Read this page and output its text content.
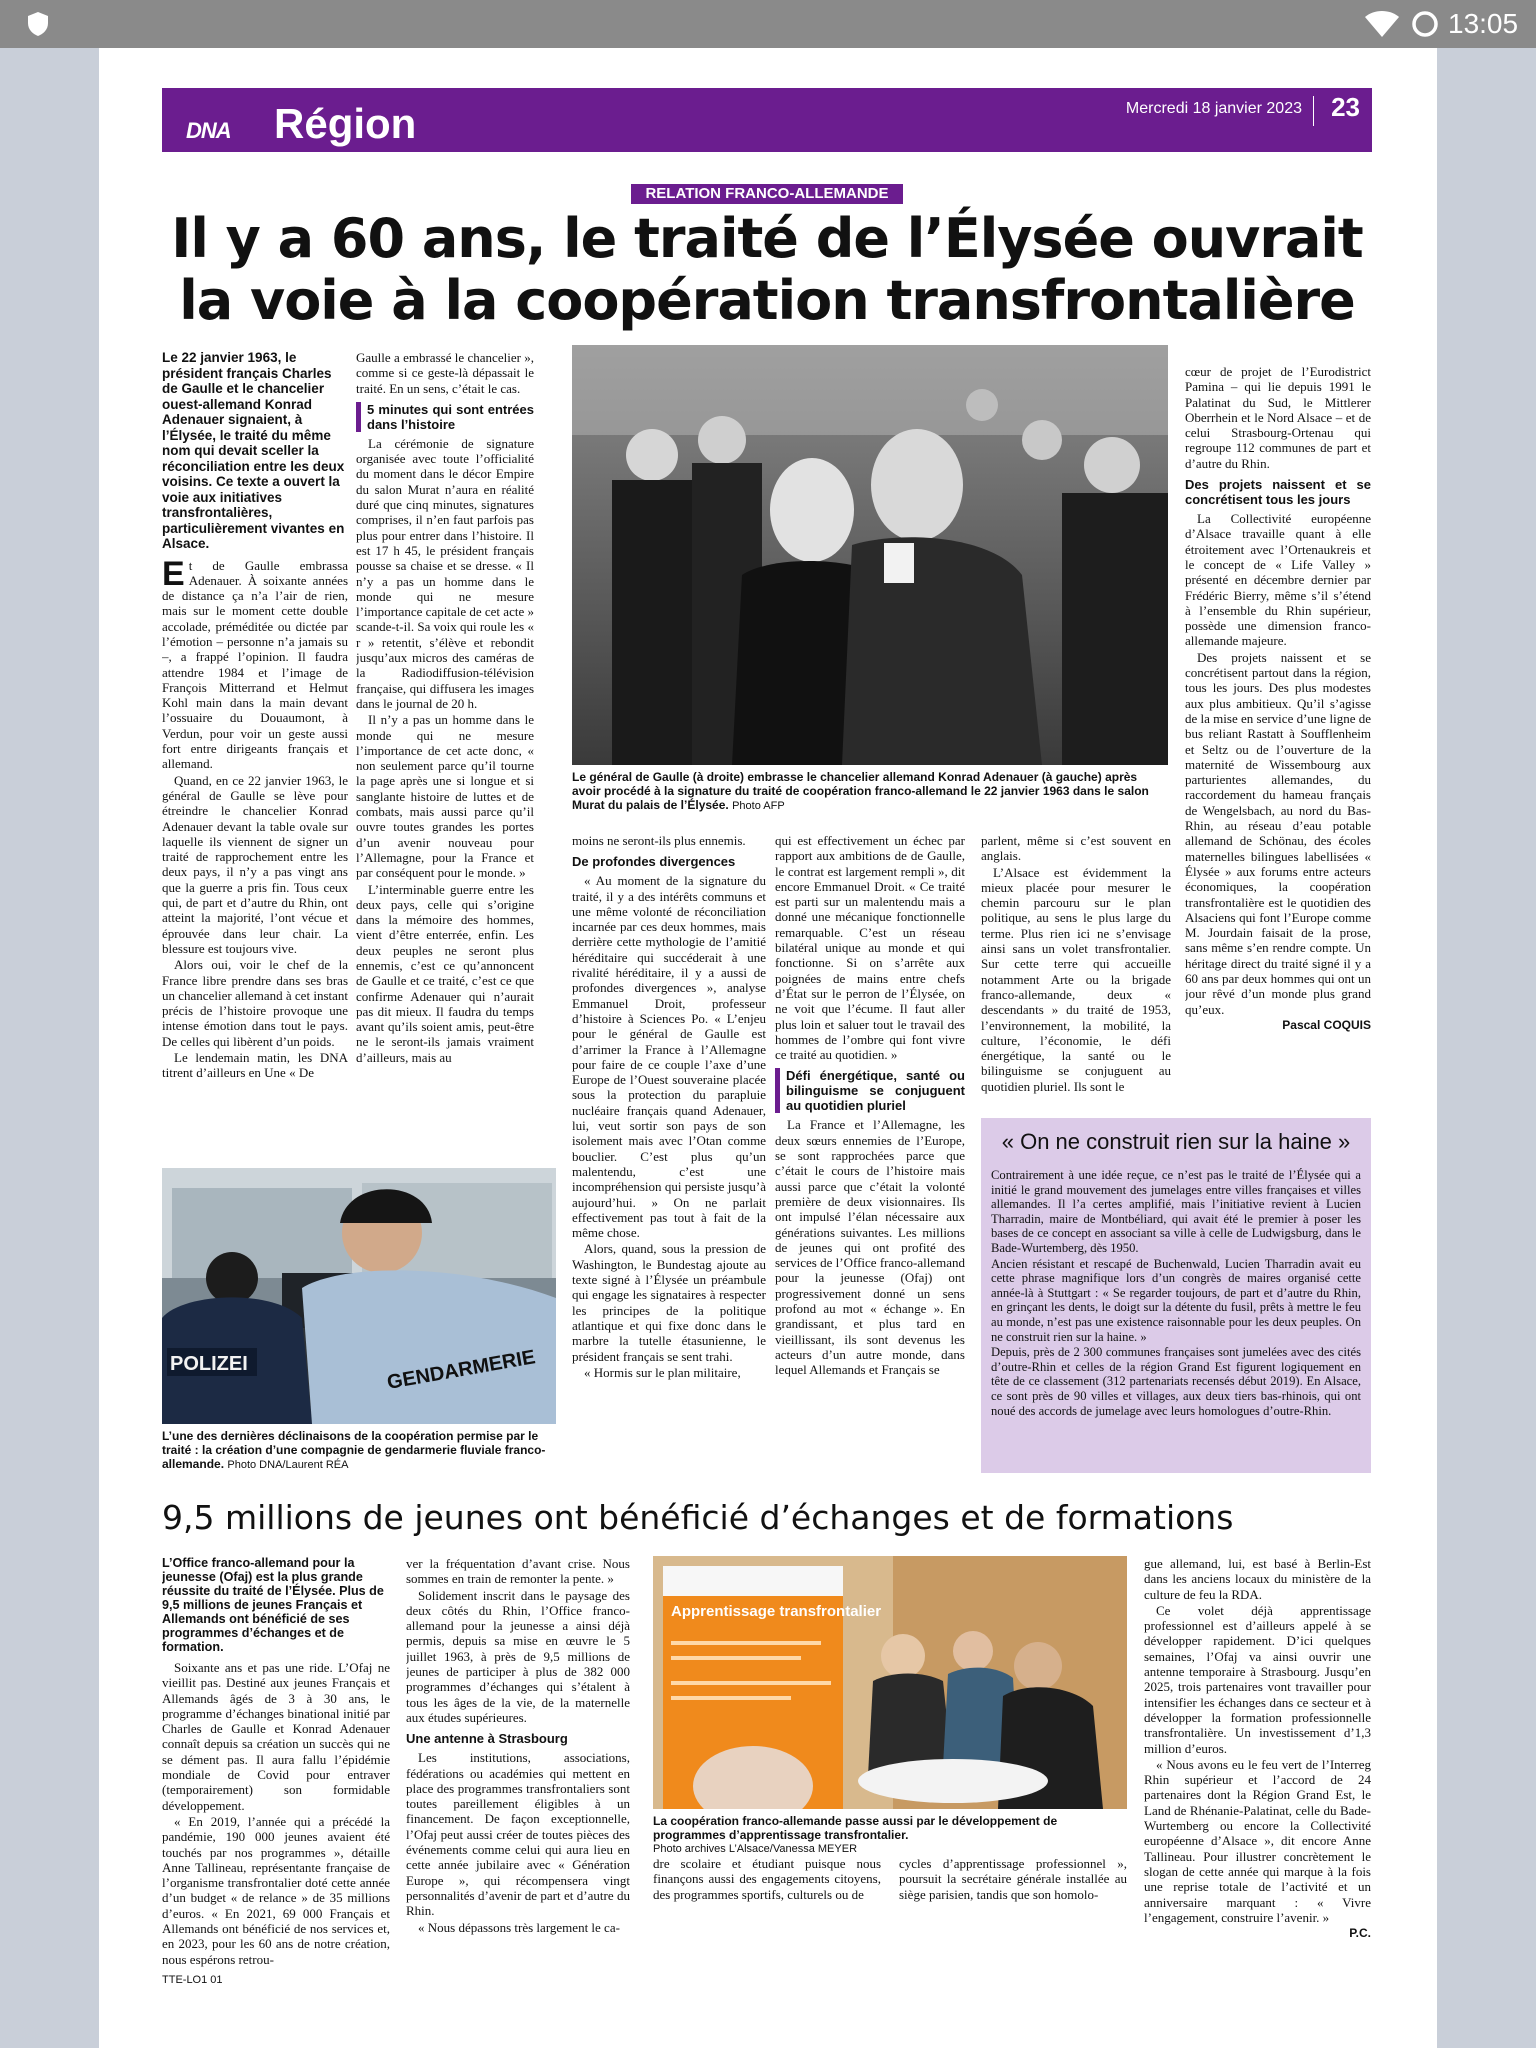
13:05
DNA Région	Mercredi 18 janvier 2023 23
RELATION FRANCO-ALLEMANDE
Il y a 60 ans, le traité de l’Élysée ouvrait
la voie à la coopération transfrontalière

Le 22 janvier 1963, le président français Charles de Gaulle et le chancelier ouest-allemand Konrad Adenauer signaient, à l’Élysée, le traité du même nom qui devait sceller la réconciliation entre les deux voisins. Ce texte a ouvert la voie aux initiatives transfrontalières, particulièrement vivantes en Alsace.

Et de Gaulle embrassa Adenauer. À soixante années de distance ça n’a l’air de rien, mais sur le moment cette double accolade, préméditée ou dictée par l’émotion – personne n’a jamais su –, a frappé l’opinion. Il faudra attendre 1984 et l’image de François Mitterrand et Helmut Kohl main dans la main devant l’ossuaire du Douaumont, à Verdun, pour voir un geste aussi fort entre dirigeants français et allemand.

Quand, en ce 22 janvier 1963, le général de Gaulle se lève pour étreindre le chancelier Konrad Adenauer devant la table ovale sur laquelle ils viennent de signer un traité de rapprochement entre les deux pays, il n’y a pas vingt ans que la guerre a pris fin. Tous ceux qui, de part et d’autre du Rhin, ont atteint la majorité, l’ont vécue et éprouvée dans leur chair. La blessure est toujours vive.

Alors oui, voir le chef de la France libre prendre dans ses bras un chancelier allemand à cet instant précis de l’histoire provoque une intense émotion dans tout le pays. De celles qui libèrent d’un poids.

Le lendemain matin, les DNA titrent d’ailleurs en Une « De

Gaulle a embrassé le chancelier », comme si ce geste-là dépassait le traité. En un sens, c’était le cas.

5 minutes qui sont entrées dans l’histoire

La cérémonie de signature organisée avec toute l’officialité du moment dans le décor Empire du salon Murat n’aura en réalité duré que cinq minutes, signatures comprises, il n’en faut parfois pas plus pour entrer dans l’histoire. Il est 17 h 45, le président français pousse sa chaise et se dresse. « Il n’y a pas un homme dans le monde qui ne mesure l’importance capitale de cet acte » scande-t-il. Sa voix qui roule les « r » retentit, s’élève et rebondit jusqu’aux micros des caméras de la Radiodiffusion-télévision française, qui diffusera les images dans le journal de 20 h.

Il n’y a pas un homme dans le monde qui ne mesure l’importance de cet acte donc, « non seulement parce qu’il tourne la page après une si longue et si sanglante histoire de luttes et de combats, mais aussi parce qu’il ouvre toutes grandes les portes d’un avenir nouveau pour l’Allemagne, pour la France et par conséquent pour le monde. »

L’interminable guerre entre les deux pays, celle qui s’origine dans la mémoire des hommes, vient d’être enterrée, enfin. Les deux peuples ne seront plus ennemis, c’est ce qu’annoncent de Gaulle et ce traité, c’est ce que confirme Adenauer qui n’aurait pas dit mieux. Il faudra du temps avant qu’ils soient amis, peut-être ne le seront-ils jamais vraiment d’ailleurs, mais au

Le général de Gaulle (à droite) embrasse le chancelier allemand Konrad Adenauer (à gauche) après avoir procédé à la signature du traité de coopération franco-allemand le 22 janvier 1963 dans le salon Murat du palais de l’Élysée. Photo AFP

moins ne seront-ils plus ennemis.

De profondes divergences

« Au moment de la signature du traité, il y a des intérêts communs et une même volonté de réconciliation incarnée par ces deux hommes, mais derrière cette mythologie de l’amitié héréditaire qui succéderait à une rivalité héréditaire, il y a aussi de profondes divergences », analyse Emmanuel Droit, professeur d’histoire à Sciences Po. « L’enjeu pour le général de Gaulle est d’arrimer la France à l’Allemagne pour faire de ce couple l’axe d’une Europe de l’Ouest souveraine placée sous la protection du parapluie nucléaire français quand Adenauer, lui, veut sortir son pays de son isolement mais avec l’Otan comme bouclier. C’est plus qu’un malentendu, c’est une incompréhension qui persiste jusqu’à aujourd’hui. » On ne parlait effectivement pas tout à fait de la même chose.

Alors, quand, sous la pression de Washington, le Bundestag ajoute au texte signé à l’Élysée un préambule qui engage les signataires à respecter les principes de la politique atlantique et qui fixe donc dans le marbre la tutelle étasunienne, le président français se sent trahi.

« Hormis sur le plan militaire,

qui est effectivement un échec par rapport aux ambitions de de Gaulle, le contrat est largement rempli », dit encore Emmanuel Droit. « Ce traité est parti sur un malentendu mais a donné une mécanique fonctionnelle remarquable. C’est un réseau bilatéral unique au monde et qui fonctionne. Si on s’arrête aux poignées de mains entre chefs d’État sur le perron de l’Élysée, on ne voit que l’écume. Il faut aller plus loin et saluer tout le travail des hommes de l’ombre qui font vivre ce traité au quotidien. »

Défi énergétique, santé ou bilinguisme se conjuguent au quotidien pluriel

La France et l’Allemagne, les deux sœurs ennemies de l’Europe, se sont rapprochées parce que c’était le cours de l’histoire mais aussi parce que c’était la volonté première de deux visionnaires. Ils ont impulsé l’élan nécessaire aux générations suivantes. Les millions de jeunes qui ont profité des services de l’Office franco-allemand pour la jeunesse (Ofaj) ont progressivement donné un sens profond au mot « échange ». En grandissant, et plus tard en vieillissant, ils sont devenus les acteurs d’un autre monde, dans lequel Allemands et Français se

parlent, même si c’est souvent en anglais.

L’Alsace est évidemment la mieux placée pour mesurer le chemin parcouru sur le plan politique, au sens le plus large du terme. Plus rien ici ne s’envisage ainsi sans un volet transfrontalier. Sur cette terre qui accueille notamment Arte ou la brigade franco-allemande, deux « descendants » du traité de 1953, l’environnement, la mobilité, la culture, l’économie, le défi énergétique, la santé ou le bilinguisme se conjuguent au quotidien pluriel. Ils sont le

cœur de projet de l’Eurodistrict Pamina – qui lie depuis 1991 le Palatinat du Sud, le Mittlerer Oberrhein et le Nord Alsace – et de celui Strasbourg-Ortenau qui regroupe 112 communes de part et d’autre du Rhin.

Des projets naissent et se concrétisent tous les jours

La Collectivité européenne d’Alsace travaille quant à elle étroitement avec l’Ortenaukreis et le concept de « Life Valley » présenté en décembre dernier par Frédéric Bierry, même s’il s’étend à l’ensemble du Rhin supérieur, possède une dimension franco-allemande majeure.

Des projets naissent et se concrétisent partout dans la région, tous les jours. Des plus modestes aux plus ambitieux. Qu’il s’agisse de la mise en service d’une ligne de bus reliant Rastatt à Soufflenheim et Seltz ou de l’ouverture de la maternité de Wissembourg aux parturientes allemandes, du raccordement du hameau français de Wengelsbach, au nord du Bas-Rhin, au réseau d’eau potable allemand de Schönau, des écoles maternelles bilingues labellisées « Élysée » aux forums entre acteurs économiques, la coopération transfrontalière est le quotidien des Alsaciens qui font l’Europe comme M. Jourdain faisait de la prose, sans même s’en rendre compte. Un héritage direct du traité signé il y a 60 ans par deux hommes qui ont un jour rêvé d’un monde plus grand qu’eux.

Pascal COQUIS

POLIZEI	GENDARMERIE
L’une des dernières déclinaisons de la coopération permise par le traité : la création d’une compagnie de gendarmerie fluviale franco-allemande. Photo DNA/Laurent RÉA
« On ne construit rien sur la haine »

Contrairement à une idée reçue, ce n’est pas le traité de l’Élysée qui a initié le grand mouvement des jumelages entre villes françaises et villes allemandes. Il l’a certes amplifié, mais l’initiative revient à Lucien Tharradin, maire de Montbéliard, qui avait été le premier à poser les bases de ce concept en associant sa ville à celle de Ludwigsburg, dans le Bade-Wurtemberg, dès 1950.

Ancien résistant et rescapé de Buchenwald, Lucien Tharradin avait eu cette phrase magnifique lors d’un congrès de maires organisé cette année-là à Stuttgart : « Se regarder toujours, de part et d’autre du Rhin, en grinçant les dents, le doigt sur la détente du fusil, prêts à mettre le feu au monde, n’est pas une existence raisonnable pour les deux peuples. On ne construit rien sur la haine. »

Depuis, près de 2 300 communes françaises sont jumelées avec des cités d’outre-Rhin et celles de la région Grand Est figurent logiquement en tête de ce classement (312 partenariats recensés début 2019). En Alsace, ce sont près de 90 villes et villages, aux deux tiers bas-rhinois, qui ont noué des accords de jumelage avec leurs homologues d’outre-Rhin.

9,5 millions de jeunes ont bénéficié d’échanges et de formations

L’Office franco-allemand pour la jeunesse (Ofaj) est la plus grande réussite du traité de l’Élysée. Plus de 9,5 millions de jeunes Français et Allemands ont bénéficié de ses programmes d’échanges et de formation.

Soixante ans et pas une ride. L’Ofaj ne vieillit pas. Destiné aux jeunes Français et Allemands âgés de 3 à 30 ans, le programme d’échanges binational initié par Charles de Gaulle et Konrad Adenauer connaît depuis sa création un succès qui ne se dément pas. Il aura fallu l’épidémie mondiale de Covid pour entraver (temporairement) son formidable développement.

« En 2019, l’année qui a précédé la pandémie, 190 000 jeunes avaient été touchés par nos programmes », détaille Anne Tallineau, représentante française de l’organisme transfrontalier doté cette année d’un budget « de relance » de 35 millions d’euros. « En 2021, 69 000 Français et Allemands ont bénéficié de nos services et, en 2023, pour les 60 ans de notre création, nous espérons retrou-

ver la fréquentation d’avant crise. Nous sommes en train de remonter la pente. »

Solidement inscrit dans le paysage des deux côtés du Rhin, l’Office franco-allemand pour la jeunesse a ainsi déjà permis, depuis sa mise en œuvre le 5 juillet 1963, à près de 9,5 millions de jeunes de participer à plus de 382 000 programmes d’échanges qui s’étalent à tous les âges de la vie, de la maternelle aux études supérieures.

Une antenne à Strasbourg

Les institutions, associations, fédérations ou académies qui mettent en place des programmes transfrontaliers sont toutes pareillement éligibles à un financement. De façon exceptionnelle, l’Ofaj peut aussi créer de toutes pièces des événements comme celui qui aura lieu en cette année jubilaire avec « Génération Europe », qui récompensera vingt personnalités d’avenir de part et d’autre du Rhin.

« Nous dépassons très largement le ca-

Apprentissage transfrontalier
La coopération franco-allemande passe aussi par le développement de programmes d’apprentissage transfrontalier.
Photo archives L’Alsace/Vanessa MEYER

dre scolaire et étudiant puisque nous finançons aussi des engagements citoyens, des programmes sportifs, culturels ou de

cycles d’apprentissage professionnel », poursuit la secrétaire générale installée au siège parisien, tandis que son homolo-

gue allemand, lui, est basé à Berlin-Est dans les anciens locaux du ministère de la culture de feu la RDA.

Ce volet déjà apprentissage professionnel est d’ailleurs appelé à se développer rapidement. D’ici quelques semaines, l’Ofaj va ainsi ouvrir une antenne temporaire à Strasbourg. Jusqu’en 2025, trois partenaires vont travailler pour intensifier les échanges dans ce secteur et à développer la formation professionnelle transfrontalière. Un investissement d’1,3 million d’euros.

« Nous avons eu le feu vert de l’Interreg Rhin supérieur et l’accord de 24 partenaires dont la Région Grand Est, le Land de Rhénanie-Palatinat, celle du Bade-Wurtemberg ou encore la Collectivité européenne d’Alsace », dit encore Anne Tallineau. Pour illustrer concrètement le slogan de cette année qui marque à la fois une reprise totale de l’activité et un anniversaire marquant : « Vivre l’engagement, construire l’avenir. »

P.C.

TTE-LO1 01
